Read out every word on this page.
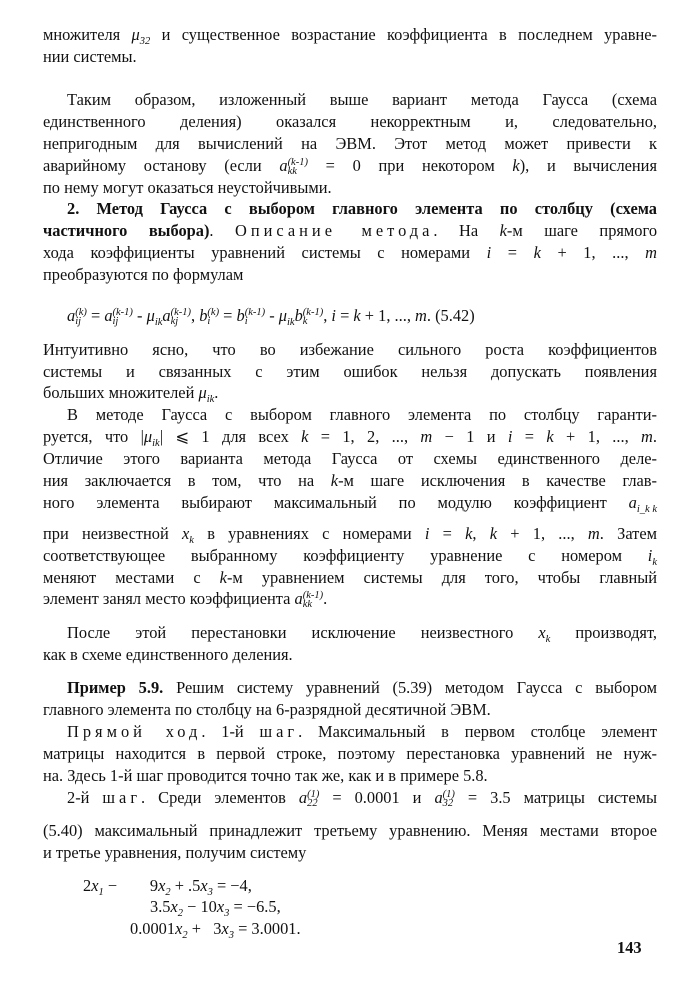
множителя $\mu_{32}$ и существенное возрастание коэффициента в последнем уравне-
нии системы.
Таким образом, изложенный выше вариант метода Гаусса (схема
единственного деления) оказался некорректным и, следовательно,
непригодным для вычислений на ЭВМ. Этот метод может привести к
аварийному останову (если a (k-1)
kk = 0 при некотором k), и вычисления
по нему могут оказаться неустойчивыми.
2. Метод Гаусса с выбором главного элемента по столбцу (схема
частичного выбора). Описание метода. На k-м шаге прямого
хода коэффициенты уравнений системы с номерами i = k + 1, ..., m
преобразуются по формулам
a (k)
ij = a (k-1)
ij - $\mu_{ik}a$ (k-1)
kj , b (k)
i = b (k-1)
i	- $\mu_{ik}b$ (k-1)
k , i = k + 1, ..., m. (5.42)
Интуитивно ясно, что во избежание сильного роста коэффициентов
системы и связанных с этим ошибок нельзя допускать появления
больших множителей $\mu_{ik}$.
В методе Гаусса с выбором главного элемента по столбцу гаранти-
руется, что $|\mu_{ik}|$ ⩽ 1 для всех k = 1, 2, ..., m − 1 и i = k + 1, ..., m.
Отличие этого варианта метода Гаусса от схемы единственного деле-
ния заключается в том, что на k-м шаге исключения в качестве глав-
ного элемента выбирают максимальный по модулю коэффициент $a_{i\_k k}$
при неизвестной $x_k$ в уравнениях с номерами i = k, k + 1, ..., m. Затем
соответствующее выбранному коэффициенту уравнение с номером $i_k$
меняют местами с k-м уравнением системы для того, чтобы главный
элемент занял место коэффициента a (k-1)
kk .
После этой перестановки исключение неизвестного $x_k$ производят,
как в схеме единственного деления.
Пример 5.9. Решим систему уравнений (5.39) методом Гаусса с выбором
главного элемента по столбцу на 6-разрядной десятичной ЭВМ.
Прямой ход. 1-й шаг. Максимальный в первом столбце элемент
матрицы находится в первой строке, поэтому перестановка уравнений не нуж-
на. Здесь 1-й шаг проводится точно так же, как и в примере 5.8.
2-й шаг. Среди элементов a (1)
22 = 0.0001 и a (1)
32 = 3.5 матрицы системы
(5.40) максимальный принадлежит третьему уравнению. Меняя местами второе
и третье уравнения, получим систему
$2x_1$ −        $9x_2 + .5x_3 = -4$,
$3.5x_2 - 10x_3 = -6.5$,
$0.0001x_2 + 3x_3 = 3.0001$.
143
